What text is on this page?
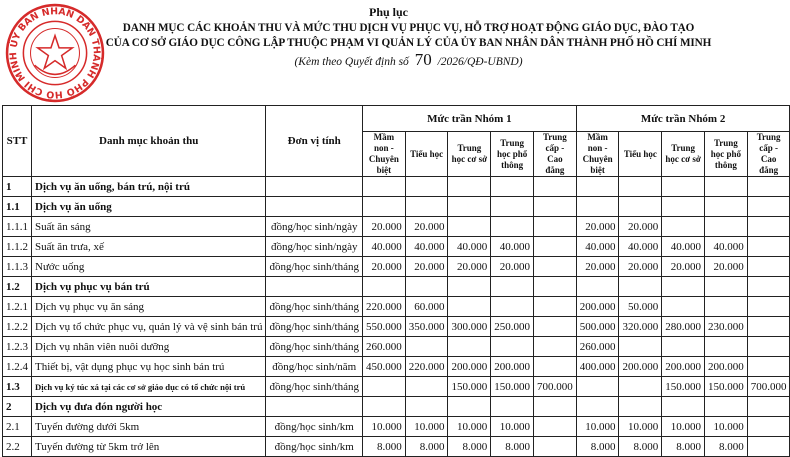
ỦY BAN NHÂN DÂN THÀNH PHỐ HỒ CHÍ MINH
Phụ lục
DANH MỤC CÁC KHOẢN THU VÀ MỨC THU DỊCH VỤ PHỤC VỤ, HỖ TRỢ HOẠT ĐỘNG GIÁO DỤC, ĐÀO TẠO
CỦA CƠ SỞ GIÁO DỤC CÔNG LẬP THUỘC PHẠM VI QUẢN LÝ CỦA ỦY BAN NHÂN DÂN THÀNH PHỐ HỒ CHÍ MINH
(Kèm theo Quyết định số 70 /2026/QĐ-UBND)
STT	Danh mục khoản thu	Đơn vị tính	Mức trần Nhóm 1					Mức trần Nhóm 2				
			Mầm non - Chuyên biệt	Tiểu học	Trung học cơ sở	Trung học phổ thông	Trung cấp - Cao đẳng	Mầm non - Chuyên biệt	Tiểu học	Trung học cơ sở	Trung học phổ thông	Trung cấp - Cao đẳng
1	Dịch vụ ăn uống, bán trú, nội trú											
1.1	Dịch vụ ăn uống											
1.1.1	Suất ăn sáng	đồng/học sinh/ngày	20.000	20.000				20.000	20.000			
1.1.2	Suất ăn trưa, xế	đồng/học sinh/ngày	40.000	40.000	40.000	40.000		40.000	40.000	40.000	40.000	
1.1.3	Nước uống	đồng/học sinh/tháng	20.000	20.000	20.000	20.000		20.000	20.000	20.000	20.000	
1.2	Dịch vụ phục vụ bán trú											
1.2.1	Dịch vụ phục vụ ăn sáng	đồng/học sinh/tháng	220.000	60.000				200.000	50.000			
1.2.2	Dịch vụ tổ chức phục vụ, quản lý và vệ sinh bán trú	đồng/học sinh/tháng	550.000	350.000	300.000	250.000		500.000	320.000	280.000	230.000	
1.2.3	Dịch vụ nhân viên nuôi dưỡng	đồng/học sinh/tháng	260.000					260.000				
1.2.4	Thiết bị, vật dụng phục vụ học sinh bán trú	đồng/học sinh/năm	450.000	220.000	200.000	200.000		400.000	200.000	200.000	200.000	
1.3	Dịch vụ ký túc xá tại các cơ sở giáo dục có tổ chức nội trú	đồng/học sinh/tháng			150.000	150.000	700.000			150.000	150.000	700.000
2	Dịch vụ đưa đón người học											
2.1	Tuyến đường dưới 5km	đồng/học sinh/km	10.000	10.000	10.000	10.000		10.000	10.000	10.000	10.000	
2.2	Tuyến đường từ 5km trở lên	đồng/học sinh/km	8.000	8.000	8.000	8.000		8.000	8.000	8.000	8.000	
